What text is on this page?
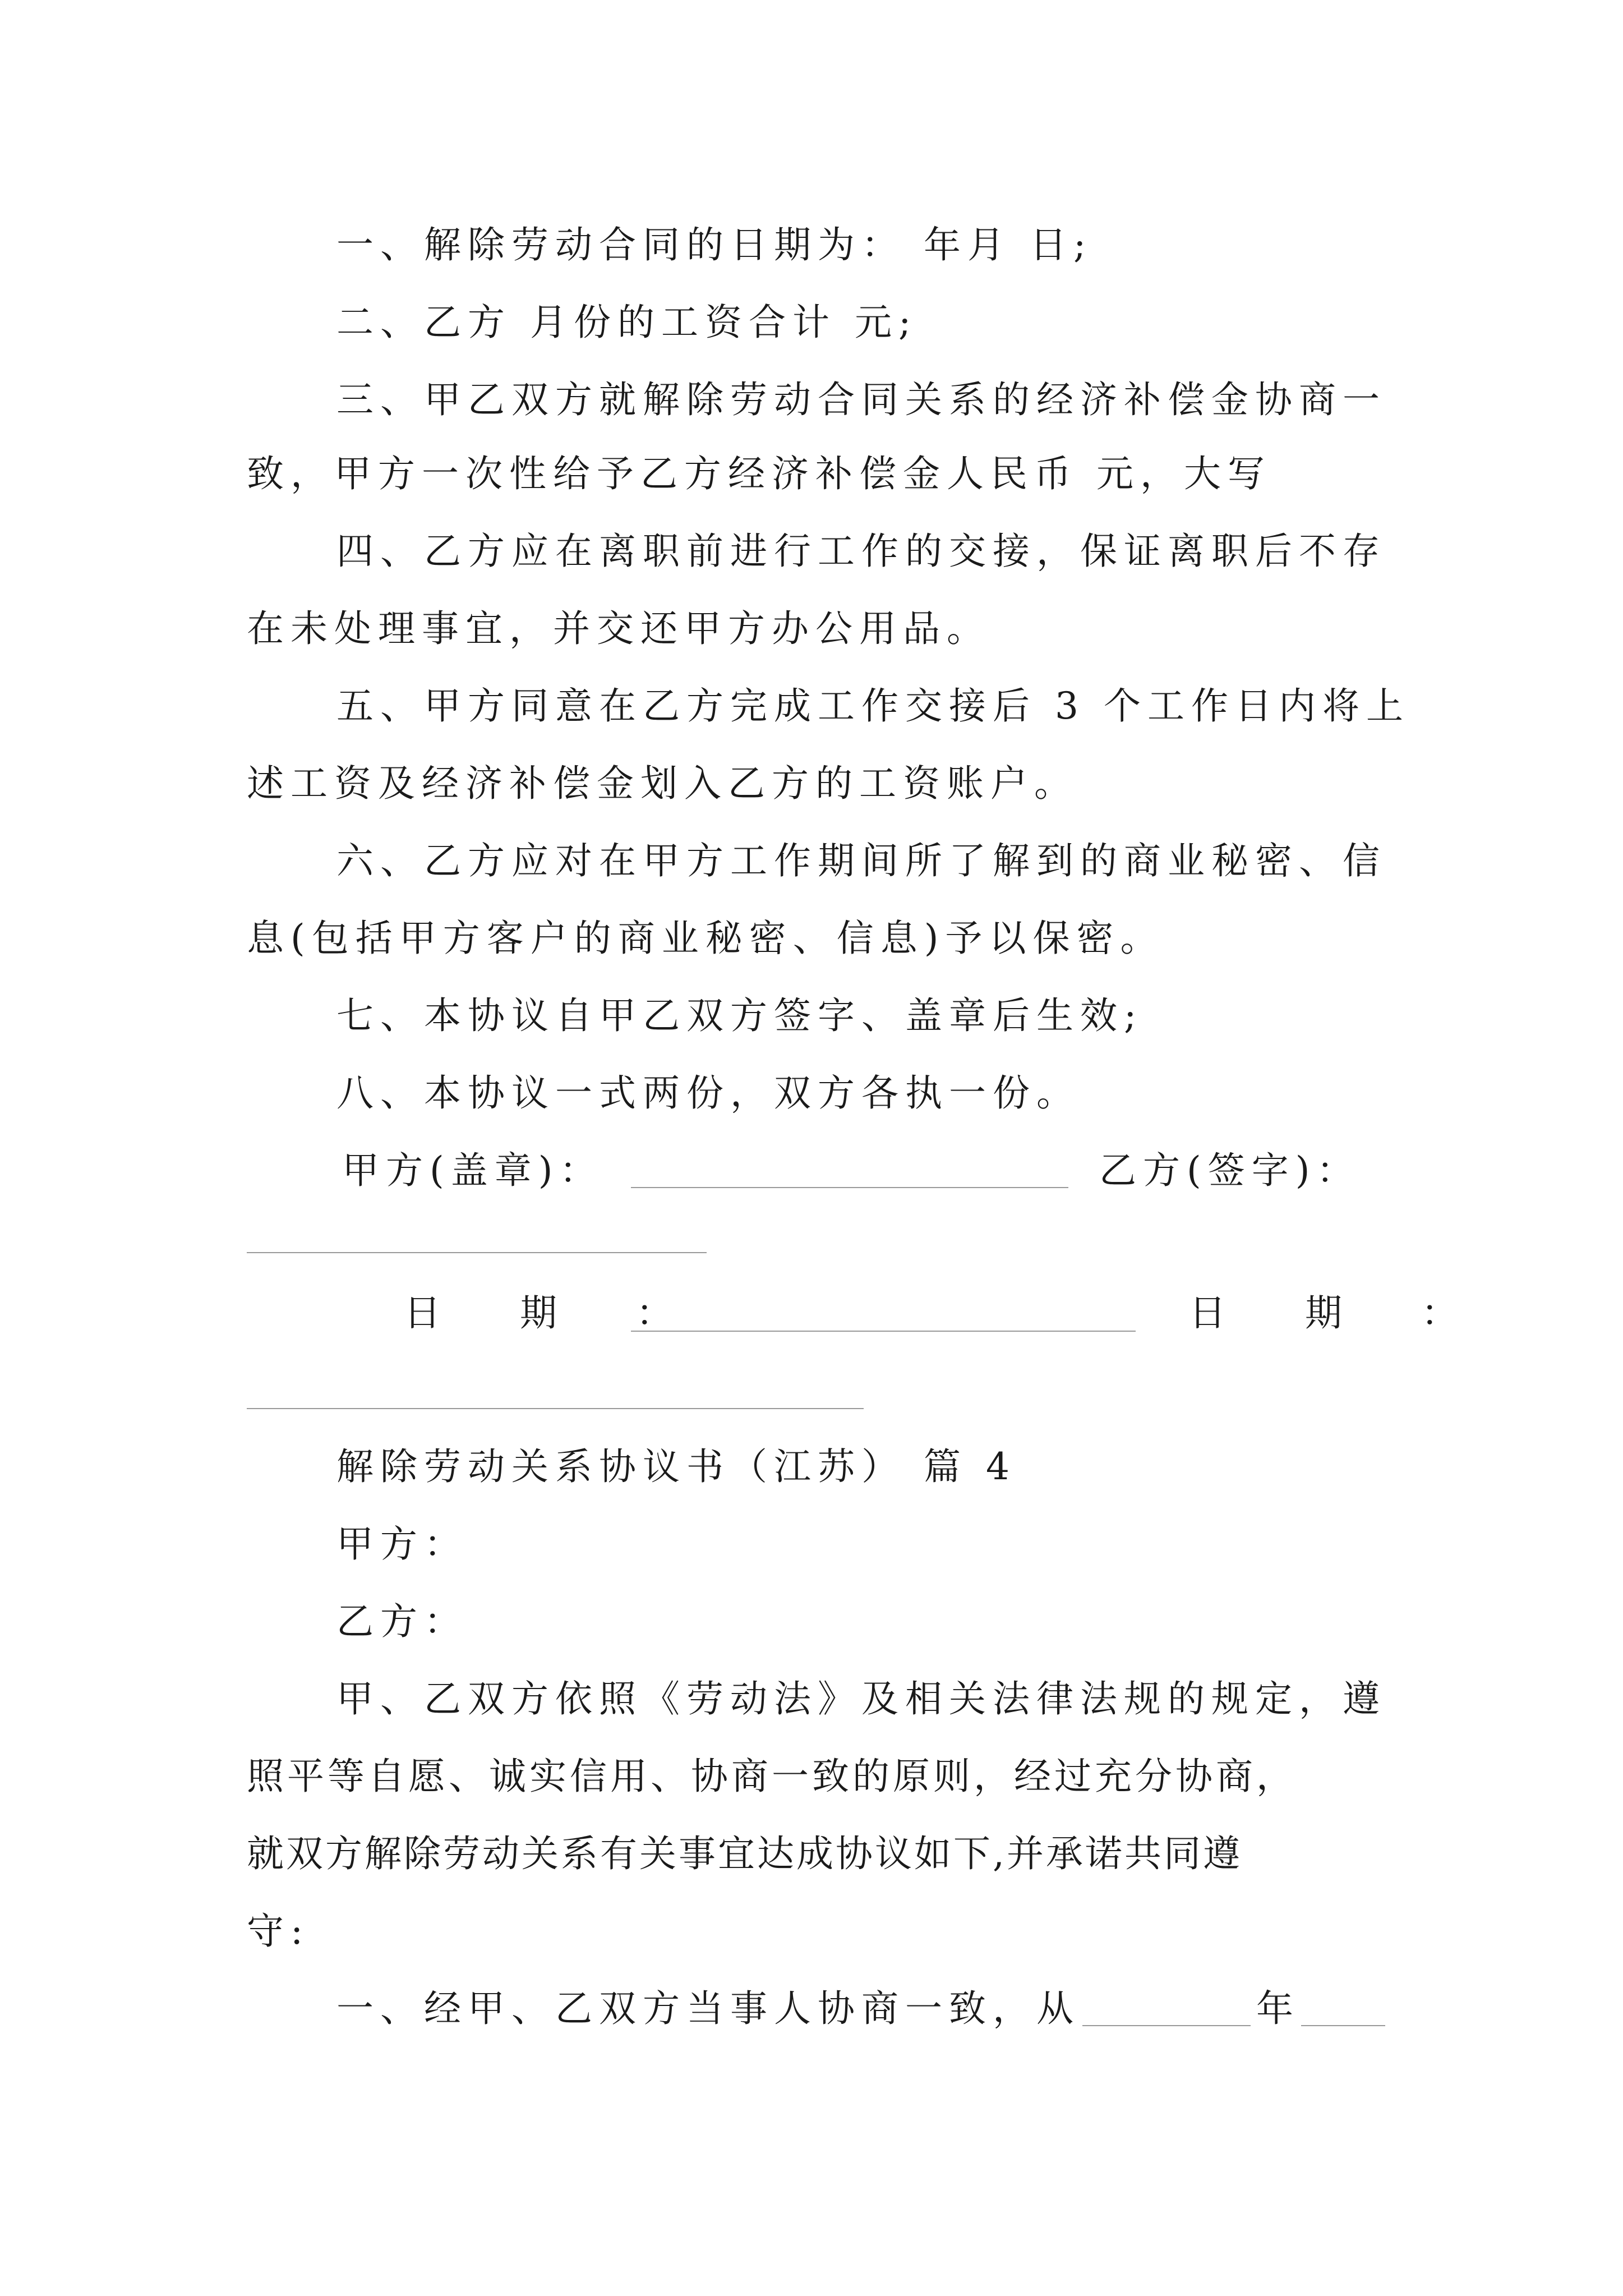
一、解除劳动合同的日期为： 年月 日;
二、乙方 月份的工资合计 元;
三、甲乙双方就解除劳动合同关系的经济补偿金协商一
致，甲方一次性给予乙方经济补偿金人民币 元，大写
四、乙方应在离职前进行工作的交接，保证离职后不存
在未处理事宜，并交还甲方办公用品。
五、甲方同意在乙方完成工作交接后 3 个工作日内将上
述工资及经济补偿金划入乙方的工资账户。
六、乙方应对在甲方工作期间所了解到的商业秘密、信
息(包括甲方客户的商业秘密、信息)予以保密。
七、本协议自甲乙双方签字、盖章后生效;
八、本协议一式两份，双方各执一份。
甲方(盖章)：	乙方(签字)：
日 期 ：	日 期 ：
解除劳动关系协议书（江苏） 篇 4
甲方：
乙方：
甲、乙双方依照《劳动法》及相关法律法规的规定，遵
照平等自愿、诚实信用、协商一致的原则，经过充分协商，
就双方解除劳动关系有关事宜达成协议如下,并承诺共同遵
守:
一、经甲、乙双方当事人协商一致，从	年
